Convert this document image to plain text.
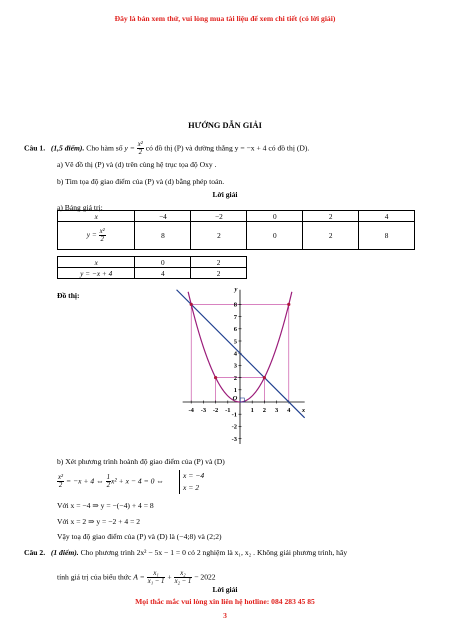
Đây là bản xem thử, vui lòng mua tài liệu để xem chi tiết (có lời giải)
HƯỚNG DẪN GIẢI
Câu 1. (1,5 điểm). Cho hàm số $y = \frac{\text{x²}}{2}$ có đồ thị (P) và đường thẳng y = −x + 4 có đồ thị (D).
a) Vẽ đồ thị (P) và (d) trên cùng hệ trục tọa độ Oxy .
b) Tìm tọa độ giao điểm của (P) và (d) bằng phép toán.
Lời giải
a) Bảng giá trị:
x	−4	−2	0	2	4
$y = \frac{\text{x²}}{2}$	8	2	0	2	8
x	0	2
y = −x + 4	4	2
Đồ thị:
-4 -3 -2 -1	1 2 3 4
8
7
6
5
4
3
2
1
-1
-2
-3
O
x
y
b) Xét phương trình hoành độ giao điểm của (P) và (D)
$\frac{\text{x²}}{2} = -x + 4$ ⇔ $\frac{1}{2} x^2 + x - 4 = 0$ ⇔
x = −4
x = 2
Với x = −4 ⇒ y = −(−4) + 4 = 8
Với x = 2 ⇒ y = −2 + 4 = 2
Vậy toạ độ giao điểm của (P) và (D) là (−4;8) và (2;2)
Câu 2. (1 điểm). Cho phương trình 2x² − 5x − 1 = 0 có 2 nghiệm là x₁, x₂ . Không giải phương trình, hãy
tính giá trị của biểu thức $A = \frac{\text{x₁}}{\text{x₁ − 1}} + \frac{\text{x₂}}{\text{x₂ − 1}} - 2022$
Lời giải
Mọi thắc mắc vui lòng xin liên hệ hotline: 084 283 45 85
3
